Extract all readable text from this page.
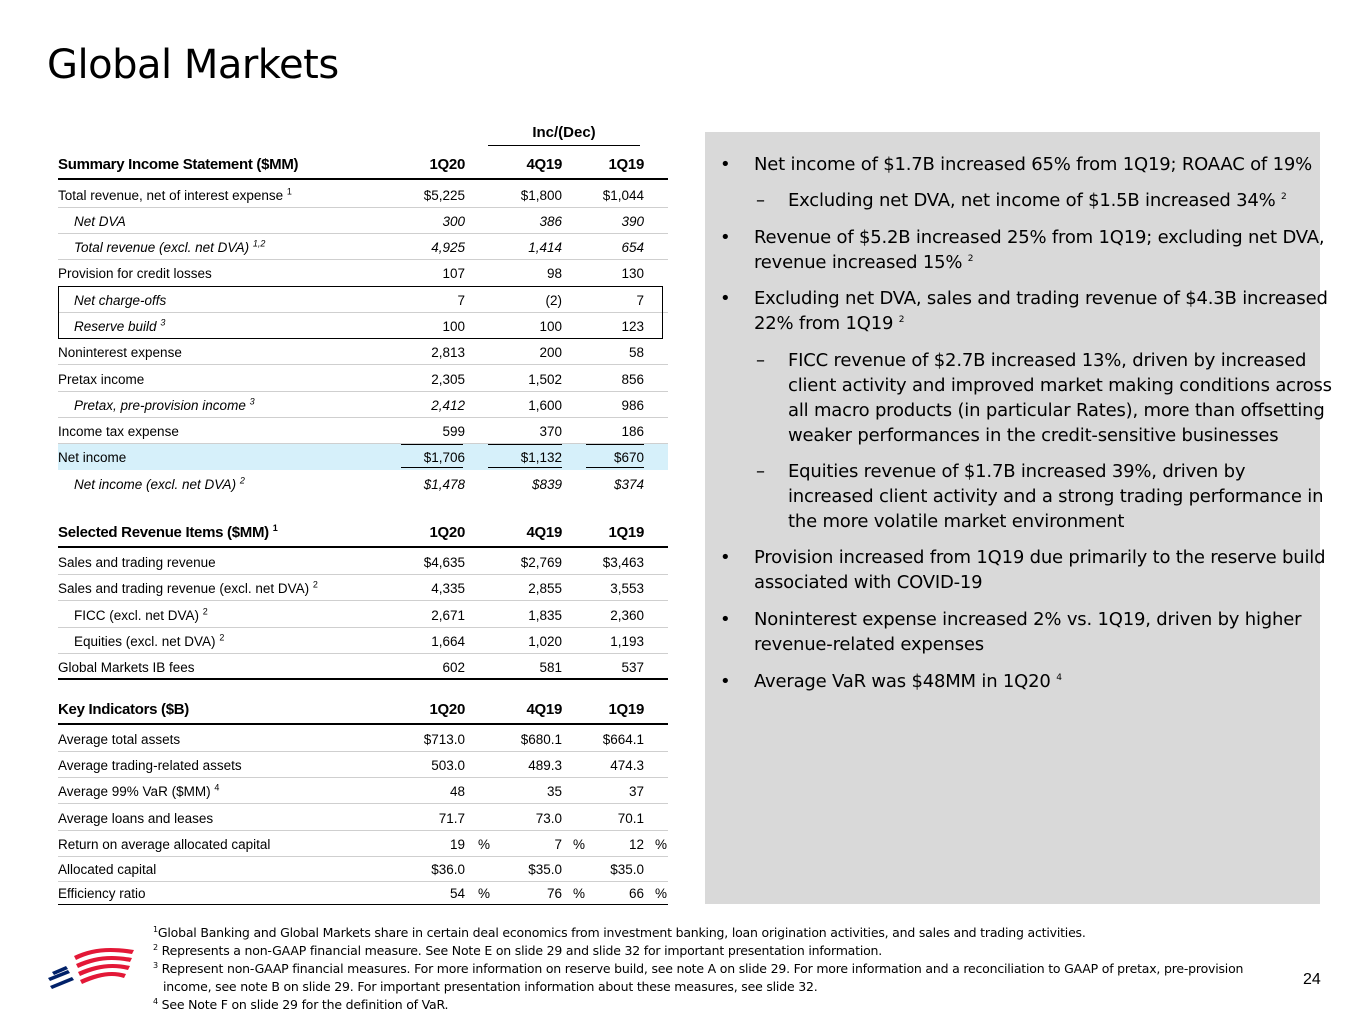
Global Markets
Inc/(Dec)
Summary Income Statement ($MM)	1Q20	4Q19	1Q19
Total revenue, net of interest expense $^1$	$5,225	$1,800	$1,044
Net DVA	300	386	390
Total revenue (excl. net DVA) $^{1,2}$	4,925	1,414	654
Provision for credit losses	107	98	130
Net charge-offs	7	(2)	7
Reserve build $^3$	100	100	123
Noninterest expense	2,813	200	58
Pretax income	2,305	1,502	856
Pretax, pre-provision income $^3$	2,412	1,600	986
Income tax expense	599	370	186
Net income	$1,706	$1,132	$670
Net income (excl. net DVA) $^2$	$1,478	$839	$374
Selected Revenue Items ($MM) $^1$	1Q20	4Q19	1Q19
Sales and trading revenue	$4,635	$2,769	$3,463
Sales and trading revenue (excl. net DVA) $^2$	4,335	2,855	3,553
FICC (excl. net DVA) $^2$	2,671	1,835	2,360
Equities (excl. net DVA) $^2$	1,664	1,020	1,193
Global Markets IB fees	602	581	537
Key Indicators ($B)	1Q20	4Q19	1Q19
Average total assets	$713.0	$680.1	$664.1
Average trading-related assets	503.0	489.3	474.3
Average 99% VaR ($MM) $^4$	48	35	37
Average loans and leases	71.7	73.0	70.1
Return on average allocated capital	19 %	7 %	12 %
Allocated capital	$36.0	$35.0	$35.0
Efficiency ratio	54 %	76 %	66 %
• Net income of $1.7B increased 65% from 1Q19; ROAAC of 19%
– Excluding net DVA, net income of $1.5B increased 34% $^2$
• Revenue of $5.2B increased 25% from 1Q19; excluding net DVA,
revenue increased 15% $^2$
• Excluding net DVA, sales and trading revenue of $4.3B increased
22% from 1Q19 $^2$
– FICC revenue of $2.7B increased 13%, driven by increased
client activity and improved market making conditions across
all macro products (in particular Rates), more than offsetting
weaker performances in the credit-sensitive businesses
– Equities revenue of $1.7B increased 39%, driven by
increased client activity and a strong trading performance in
the more volatile market environment
• Provision increased from 1Q19 due primarily to the reserve build
associated with COVID-19
• Noninterest expense increased 2% vs. 1Q19, driven by higher
revenue-related expenses
• Average VaR was $48MM in 1Q20 $^4$
$^1$Global Banking and Global Markets share in certain deal economics from investment banking, loan origination activities, and sales and trading activities.
$^2$ Represents a non-GAAP financial measure. See Note E on slide 29 and slide 32 for important presentation information.
$^3$ Represent non-GAAP financial measures. For more information on reserve build, see note A on slide 29. For more information and a reconciliation to GAAP of pretax, pre-provision
income, see note B on slide 29. For important presentation information about these measures, see slide 32.
$^4$ See Note F on slide 29 for the definition of VaR.
24
